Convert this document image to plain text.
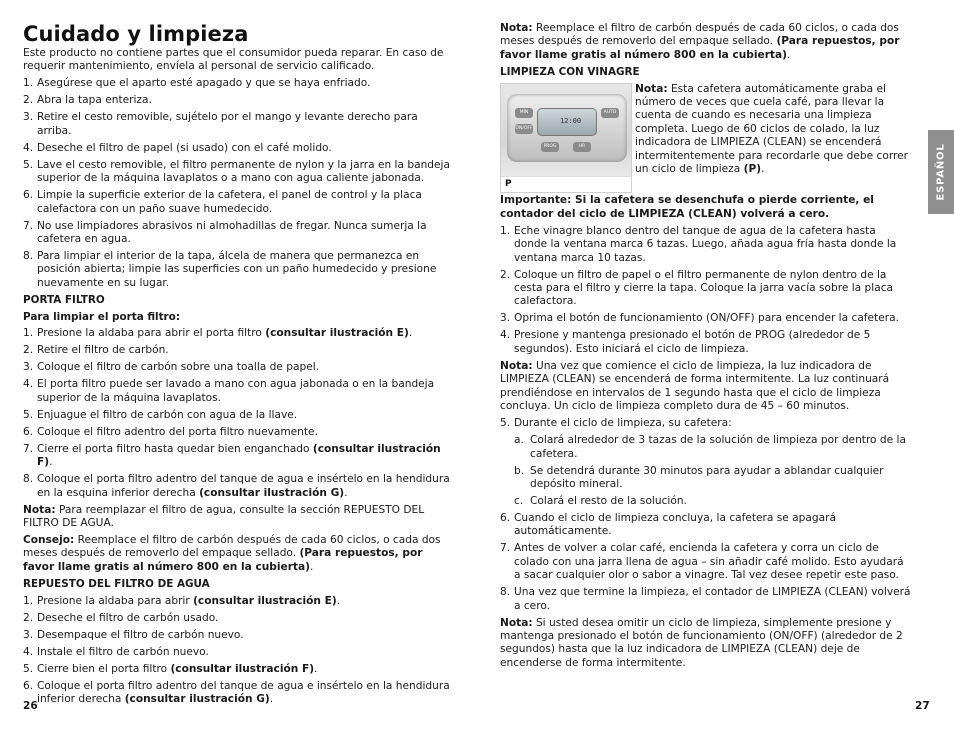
Cuidado y limpieza

Este producto no contiene partes que el consumidor pueda reparar. En caso de requerir mantenimiento, envíela al personal de servicio calificado.

1. Asegúrese que el aparto esté apagado y que se haya enfriado.
2. Abra la tapa enteriza.
3. Retire el cesto removible, sujételo por el mango y levante derecho para arriba.
4. Deseche el filtro de papel (si usado) con el café molido.
5. Lave el cesto removible, el filtro permanente de nylon y la jarra en la bandeja superior de la máquina lavaplatos o a mano con agua caliente jabonada.
6. Limpie la superficie exterior de la cafetera, el panel de control y la placa calefactora con un paño suave humedecido.
7. No use limpiadores abrasivos ni almohadillas de fregar. Nunca sumerja la cafetera en agua.
8. Para limpiar el interior de la tapa, álcela de manera que permanezca en posición abierta; limpie las superficies con un paño humedecido y presione nuevamente en su lugar.

PORTA FILTRO

Para limpiar el porta filtro:

1. Presione la aldaba para abrir el porta filtro (consultar ilustración E).
2. Retire el filtro de carbón.
3. Coloque el filtro de carbón sobre una toalla de papel.
4. El porta filtro puede ser lavado a mano con agua jabonada o en la bandeja superior de la máquina lavaplatos.
5. Enjuague el filtro de carbón con agua de la llave.
6. Coloque el filtro adentro del porta filtro nuevamente.
7. Cierre el porta filtro hasta quedar bien enganchado (consultar ilustración F).
8. Coloque el porta filtro adentro del tanque de agua e insértelo en la hendidura en la esquina inferior derecha (consultar ilustración G).

Nota: Para reemplazar el filtro de agua, consulte la sección REPUESTO DEL FILTRO DE AGUA.

Consejo: Reemplace el filtro de carbón después de cada 60 ciclos, o cada dos meses después de removerlo del empaque sellado. (Para repuestos, por favor llame gratis al número 800 en la cubierta).

REPUESTO DEL FILTRO DE AGUA

1. Presione la aldaba para abrir (consultar ilustración E).
2. Deseche el filtro de carbón usado.
3. Desempaque el filtro de carbón nuevo.
4. Instale el filtro de carbón nuevo.
5. Cierre bien el porta filtro (consultar ilustración F).
6. Coloque el porta filtro adentro del tanque de agua e insértelo en la hendidura inferior derecha (consultar ilustración G).
26

Nota: Reemplace el filtro de carbón después de cada 60 ciclos, o cada dos meses después de removerlo del empaque sellado. (Para repuestos, por favor llame gratis al número 800 en la cubierta).

LIMPIEZA CON VINAGRE

Nota: Esta cafetera automáticamente graba el número de veces que cuela café, para llevar la cuenta de cuando es necesaria una limpieza completa. Luego de 60 ciclos de colado, la luz indicadora de LIMPIEZA (CLEAN) se encenderá intermitentemente para recordarle que debe correr un ciclo de limpieza (P).

Importante: Si la cafetera se desenchufa o pierde corriente, el contador del ciclo de LIMPIEZA (CLEAN) volverá a cero.

1. Eche vinagre blanco dentro del tanque de agua de la cafetera hasta donde la ventana marca 6 tazas. Luego, añada agua fría hasta donde la ventana marca 10 tazas.
2. Coloque un filtro de papel o el filtro permanente de nylon dentro de la cesta para el filtro y cierre la tapa. Coloque la jarra vacía sobre la placa calefactora.
3. Oprima el botón de funcionamiento (ON/OFF) para encender la cafetera.
4. Presione y mantenga presionado el botón de PROG (alrededor de 5 segundos). Esto iniciará el ciclo de limpieza.

Nota: Una vez que comience el ciclo de limpieza, la luz indicadora de LIMPIEZA (CLEAN) se encenderá de forma intermitente. La luz continuará prendiéndose en intervalos de 1 segundo hasta que el ciclo de limpieza concluya. Un ciclo de limpieza completo dura de 45 – 60 minutos.

5. Durante el ciclo de limpieza, su cafetera:
a. Colará alrededor de 3 tazas de la solución de limpieza por dentro de la cafetera.
b. Se detendrá durante 30 minutos para ayudar a ablandar cualquier depósito mineral.
c. Colará el resto de la solución.
6. Cuando el ciclo de limpieza concluya, la cafetera se apagará automáticamente.
7. Antes de volver a colar café, encienda la cafetera y corra un ciclo de colado con una jarra llena de agua – sin añadir café molido. Esto ayudará a sacar cualquier olor o sabor a vinagre. Tal vez desee repetir este paso.
8. Una vez que termine la limpieza, el contador de LIMPIEZA (CLEAN) volverá a cero.

Nota: Si usted desea omitir un ciclo de limpieza, simplemente presione y mantenga presionado el botón de funcionamiento (ON/OFF) (alrededor de 2 segundos) hasta que la luz indicadora de LIMPIEZA (CLEAN) deje de encenderse de forma intermitente.

12:00
MIN
ON/OFF
PROG
AUTO
HR
P	ESPAÑOL
27
